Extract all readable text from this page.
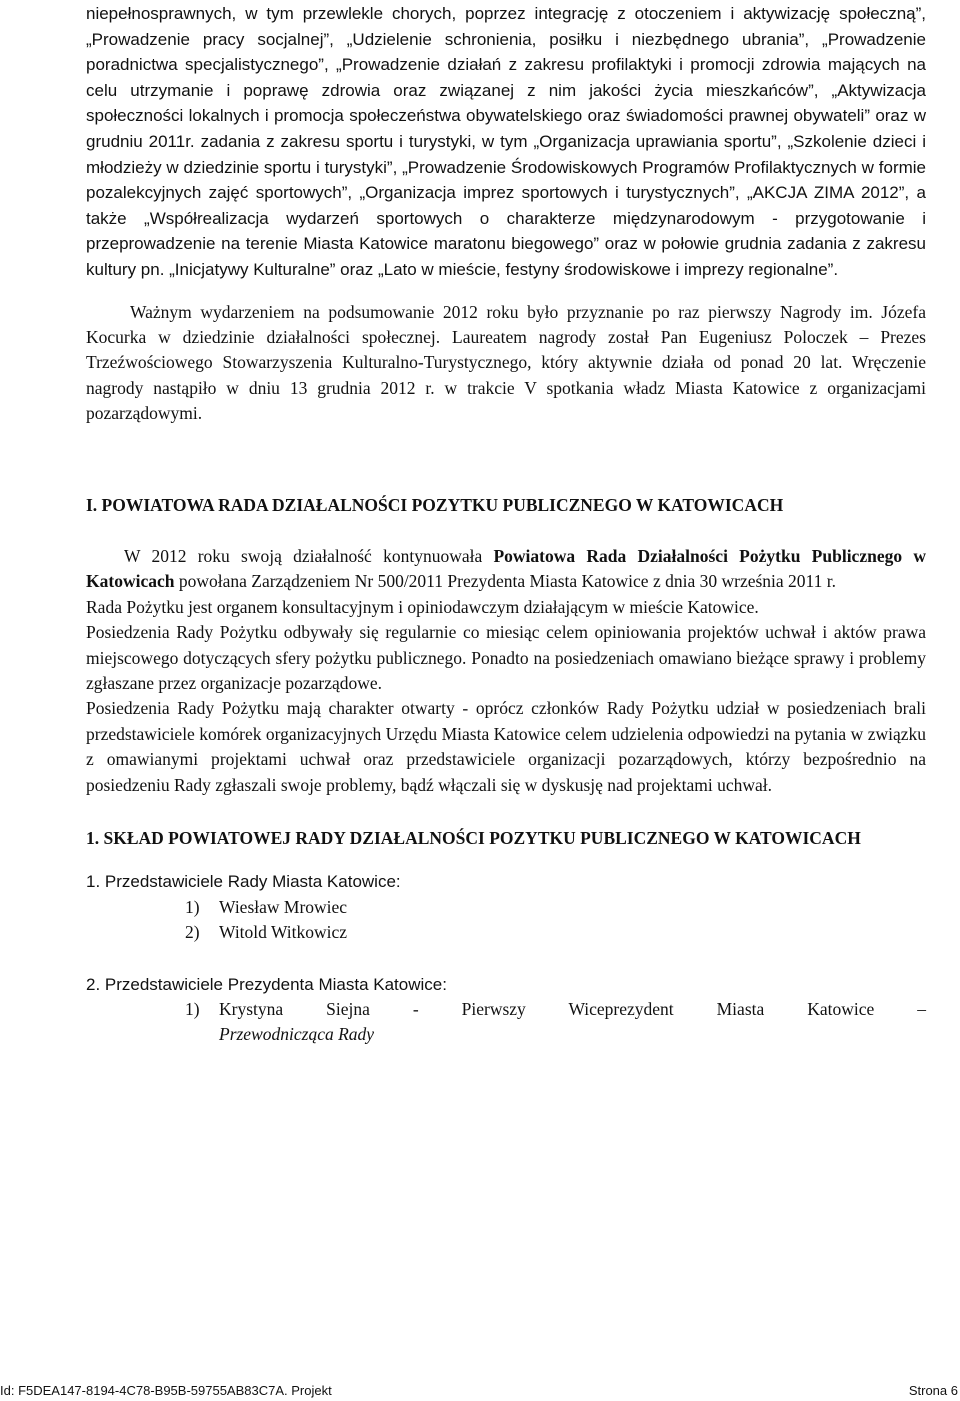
niepełnosprawnych, w tym przewlekle chorych, poprzez integrację z otoczeniem i aktywizację społeczną”, „Prowadzenie pracy socjalnej”, „Udzielenie schronienia, posiłku i niezbędnego ubrania”, „Prowadzenie poradnictwa specjalistycznego”, „Prowadzenie działań z zakresu profilaktyki i promocji zdrowia mających na celu utrzymanie i poprawę zdrowia oraz związanej z nim jakości życia mieszkańców”, „Aktywizacja społeczności lokalnych i promocja społeczeństwa obywatelskiego oraz świadomości prawnej obywateli” oraz w grudniu 2011r. zadania z zakresu sportu i turystyki, w tym „Organizacja uprawiania sportu”, „Szkolenie dzieci i młodzieży w dziedzinie sportu i turystyki”, „Prowadzenie Środowiskowych Programów Profilaktycznych w formie pozalekcyjnych zajęć sportowych”, „Organizacja imprez sportowych i turystycznych”, „AKCJA ZIMA 2012”, a także „Współrealizacja wydarzeń sportowych o charakterze międzynarodowym - przygotowanie i przeprowadzenie na terenie Miasta Katowice maratonu biegowego” oraz w połowie grudnia zadania z zakresu kultury pn. „Inicjatywy Kulturalne” oraz „Lato w mieście, festyny środowiskowe i imprezy regionalne”.

Ważnym wydarzeniem na podsumowanie 2012 roku było przyznanie po raz pierwszy Nagrody im. Józefa Kocurka w dziedzinie działalności społecznej. Laureatem nagrody został Pan Eugeniusz Poloczek – Prezes Trzeźwościowego Stowarzyszenia Kulturalno-Turystycznego, który aktywnie działa od ponad 20 lat. Wręczenie nagrody nastąpiło w dniu 13 grudnia 2012 r. w trakcie V spotkania władz Miasta Katowice z organizacjami pozarządowymi.

I. POWIATOWA RADA DZIAŁALNOŚCI POZYTKU PUBLICZNEGO W KATOWICACH

W 2012 roku swoją działalność kontynuowała Powiatowa Rada Działalności Pożytku Publicznego w Katowicach powołana Zarządzeniem Nr 500/2011 Prezydenta Miasta Katowice z dnia 30 września 2011 r.

Rada Pożytku jest organem konsultacyjnym i opiniodawczym działającym w mieście Katowice.

Posiedzenia Rady Pożytku odbywały się regularnie co miesiąc celem opiniowania projektów uchwał i aktów prawa miejscowego dotyczących sfery pożytku publicznego. Ponadto na posiedzeniach omawiano bieżące sprawy i problemy zgłaszane przez organizacje pozarządowe.

Posiedzenia Rady Pożytku mają charakter otwarty - oprócz członków Rady Pożytku udział w posiedzeniach brali przedstawiciele komórek organizacyjnych Urzędu Miasta Katowice celem udzielenia odpowiedzi na pytania w związku z omawianymi projektami uchwał oraz przedstawiciele organizacji pozarządowych, którzy bezpośrednio na posiedzeniu Rady zgłaszali swoje problemy, bądź włączali się w dyskusję nad projektami uchwał.

1. SKŁAD POWIATOWEJ RADY DZIAŁALNOŚCI POZYTKU PUBLICZNEGO W KATOWICACH
1. Przedstawiciele Rady Miasta Katowice:
1)	Wiesław Mrowiec
2)	Witold Witkowicz
2. Przedstawiciele Prezydenta Miasta Katowice:
1)	Krystyna Siejna - Pierwszy Wiceprezydent Miasta Katowice –
Przewodnicząca Rady
Id: F5DEA147-8194-4C78-B95B-59755AB83C7A. Projekt	Strona 6
